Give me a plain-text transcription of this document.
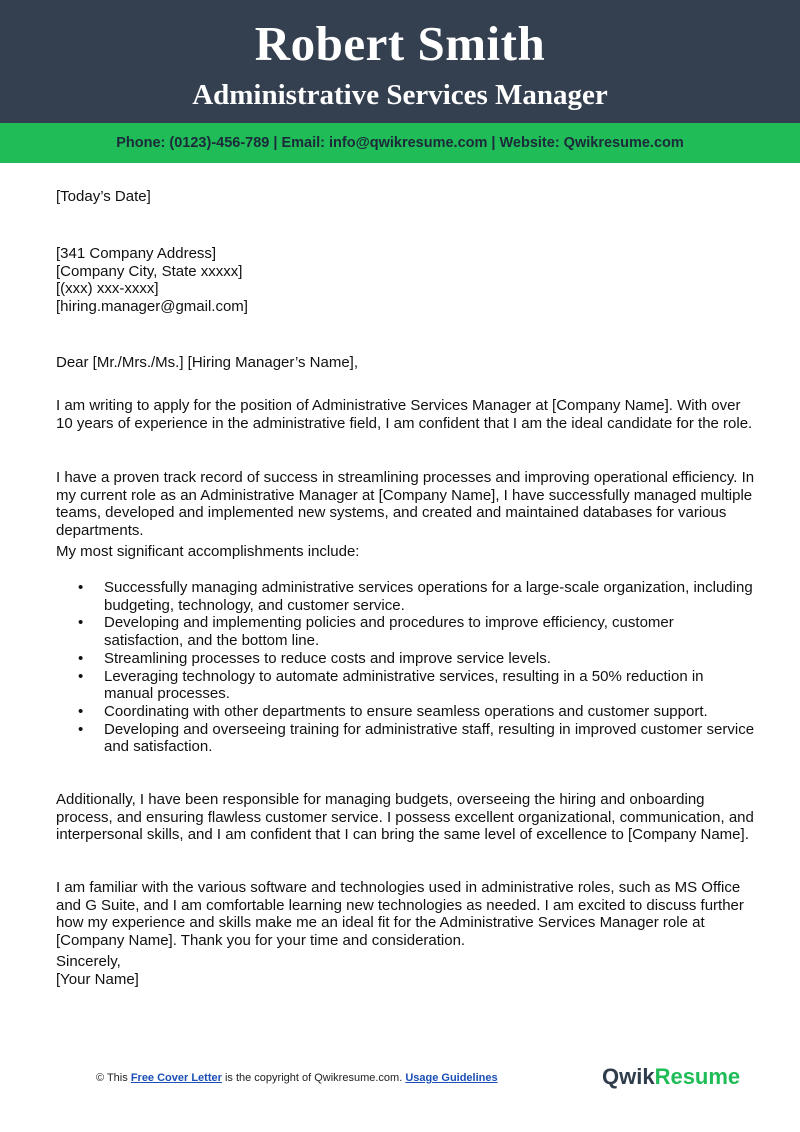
Robert Smith
Administrative Services Manager
Phone: (0123)-456-789 | Email: info@qwikresume.com | Website: Qwikresume.com
[Today’s Date]
[341 Company Address]
[Company City, State xxxxx]
[(xxx) xxx-xxxx]
[hiring.manager@gmail.com]
Dear [Mr./Mrs./Ms.] [Hiring Manager’s Name],

I am writing to apply for the position of Administrative Services Manager at [Company Name]. With over 10 years of experience in the administrative field, I am confident that I am the ideal candidate for the role.

I have a proven track record of success in streamlining processes and improving operational efficiency. In my current role as an Administrative Manager at [Company Name], I have successfully managed multiple teams, developed and implemented new systems, and created and maintained databases for various departments.

My most significant accomplishments include:
• Successfully managing administrative services operations for a large-scale organization, including budgeting, technology, and customer service.
• Developing and implementing policies and procedures to improve efficiency, customer satisfaction, and the bottom line.
• Streamlining processes to reduce costs and improve service levels.
• Leveraging technology to automate administrative services, resulting in a 50% reduction in manual processes.
• Coordinating with other departments to ensure seamless operations and customer support.
• Developing and overseeing training for administrative staff, resulting in improved customer service and satisfaction.

Additionally, I have been responsible for managing budgets, overseeing the hiring and onboarding process, and ensuring flawless customer service. I possess excellent organizational, communication, and interpersonal skills, and I am confident that I can bring the same level of excellence to [Company Name].

I am familiar with the various software and technologies used in administrative roles, such as MS Office and G Suite, and I am comfortable learning new technologies as needed. I am excited to discuss further how my experience and skills make me an ideal fit for the Administrative Services Manager role at [Company Name]. Thank you for your time and consideration.

Sincerely,
[Your Name]
© This Free Cover Letter is the copyright of Qwikresume.com. Usage Guidelines	QwikResume
